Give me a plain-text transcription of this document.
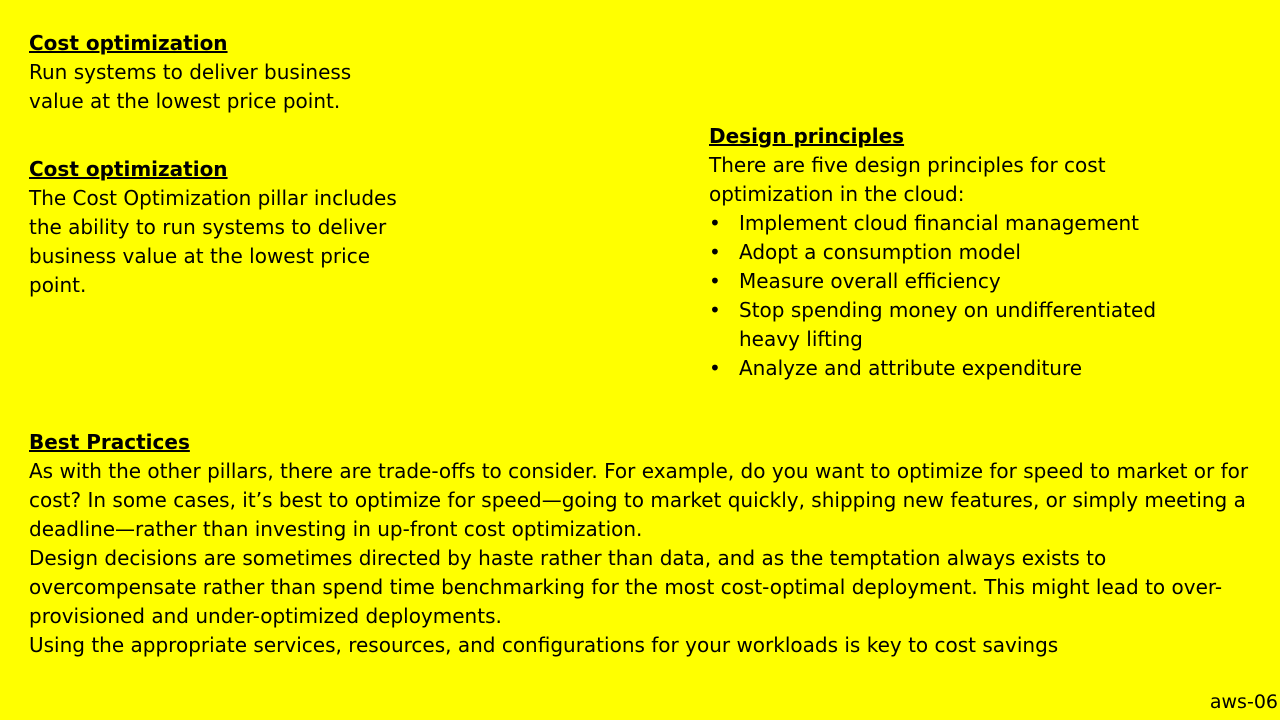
Cost optimization
Run systems to deliver business value at the lowest price point.
Cost optimization
The Cost Optimization pillar includes the ability to run systems to deliver business value at the lowest price point.
Design principles
There are five design principles for cost optimization in the cloud:
• Implement cloud financial management
• Adopt a consumption model
• Measure overall efficiency
• Stop spending money on undifferentiated heavy lifting
• Analyze and attribute expenditure
Best Practices
As with the other pillars, there are trade-offs to consider. For example, do you want to optimize for speed to market or for cost? In some cases, it’s best to optimize for speed—going to market quickly, shipping new features, or simply meeting a deadline—rather than investing in up-front cost optimization.
Design decisions are sometimes directed by haste rather than data, and as the temptation always exists to overcompensate rather than spend time benchmarking for the most cost-optimal deployment. This might lead to over-provisioned and under-optimized deployments.
Using the appropriate services, resources, and configurations for your workloads is key to cost savings
aws-06
